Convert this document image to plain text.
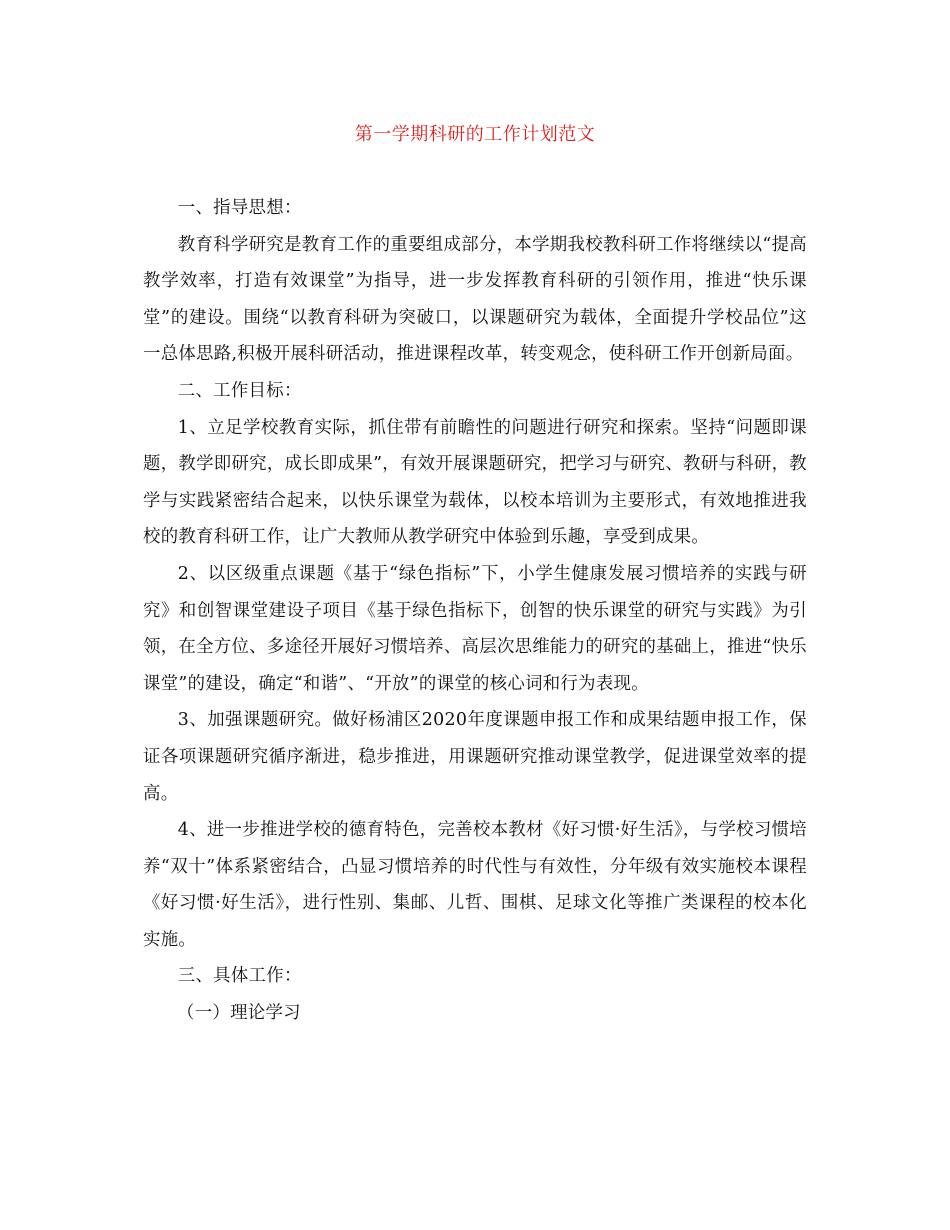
第一学期科研的工作计划范文

一、指导思想：

教育科学研究是教育工作的重要组成部分，本学期我校教科研工作将继续以“提高教学效率，打造有效课堂”为指导，进一步发挥教育科研的引领作用，推进“快乐课堂”的建设。围绕“以教育科研为突破口，以课题研究为载体，全面提升学校品位”这一总体思路,积极开展科研活动，推进课程改革，转变观念，使科研工作开创新局面。

二、工作目标：

1、立足学校教育实际，抓住带有前瞻性的问题进行研究和探索。坚持“问题即课题，教学即研究，成长即成果”，有效开展课题研究，把学习与研究、教研与科研，教学与实践紧密结合起来，以快乐课堂为载体，以校本培训为主要形式，有效地推进我校的教育科研工作，让广大教师从教学研究中体验到乐趣，享受到成果。

2、以区级重点课题《基于“绿色指标”下，小学生健康发展习惯培养的实践与研究》和创智课堂建设子项目《基于绿色指标下，创智的快乐课堂的研究与实践》为引领，在全方位、多途径开展好习惯培养、高层次思维能力的研究的基础上，推进“快乐课堂”的建设，确定“和谐”、“开放”的课堂的核心词和行为表现。

3、加强课题研究。做好杨浦区2020年度课题申报工作和成果结题申报工作，保证各项课题研究循序渐进，稳步推进，用课题研究推动课堂教学，促进课堂效率的提高。

4、进一步推进学校的德育特色，完善校本教材《好习惯·好生活》，与学校习惯培养“双十”体系紧密结合，凸显习惯培养的时代性与有效性，分年级有效实施校本课程《好习惯·好生活》，进行性别、集邮、儿哲、围棋、足球文化等推广类课程的校本化实施。

三、具体工作：

（一）理论学习
